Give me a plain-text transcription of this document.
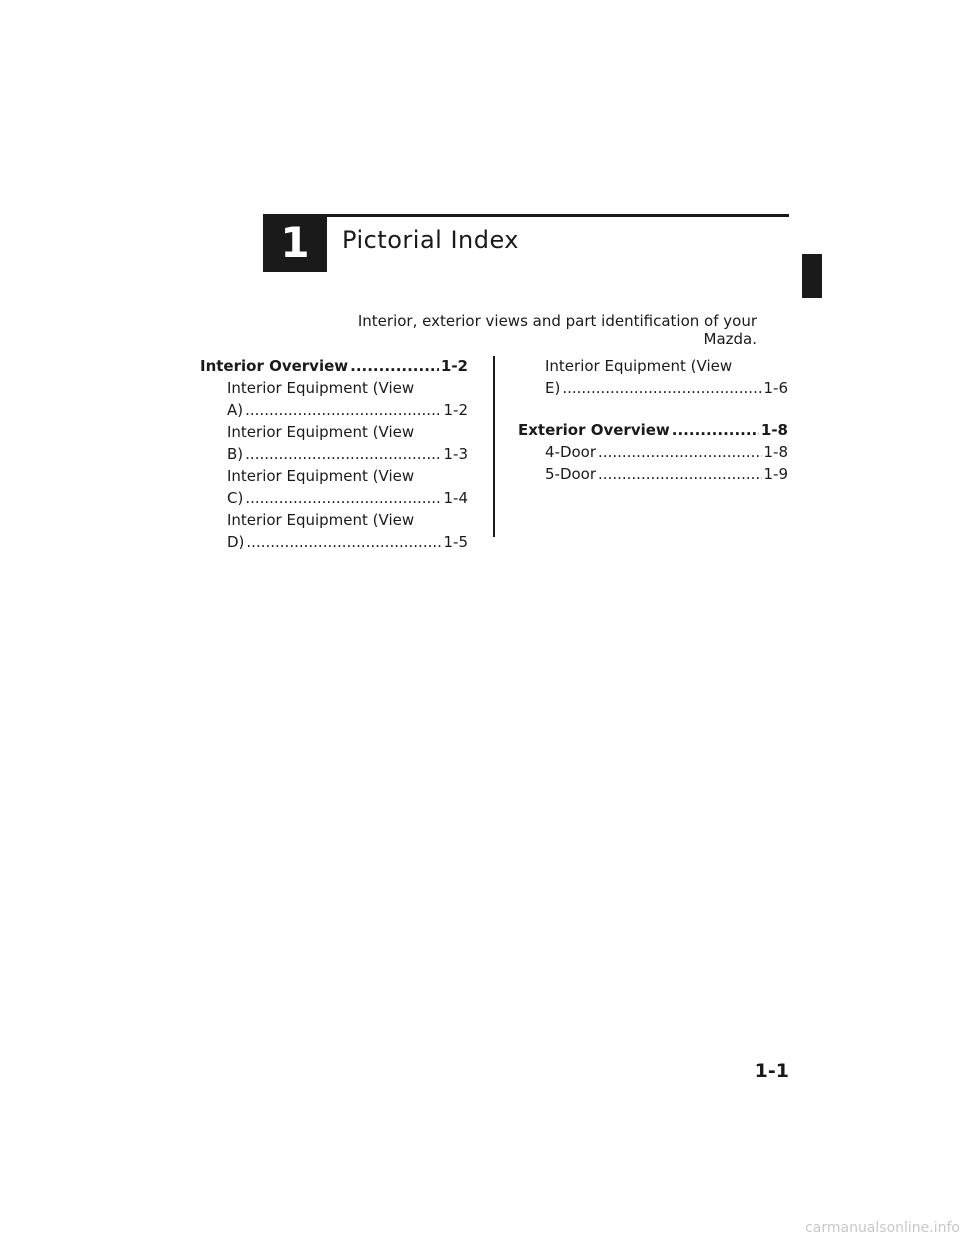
1	Pictorial Index
Interior, exterior views and part identification of your Mazda.
Interior Overview .....	1-2
Interior Equipment (View
A) .....	1-2
Interior Equipment (View
B) .....	1-3
Interior Equipment (View
C) .....	1-4
Interior Equipment (View
D) .....	1-5
Interior Equipment (View
E) .....	1-6
Exterior Overview .....	1-8
4-Door .....	1-8
5-Door .....	1-9
1-1
carmanualsonline.info
